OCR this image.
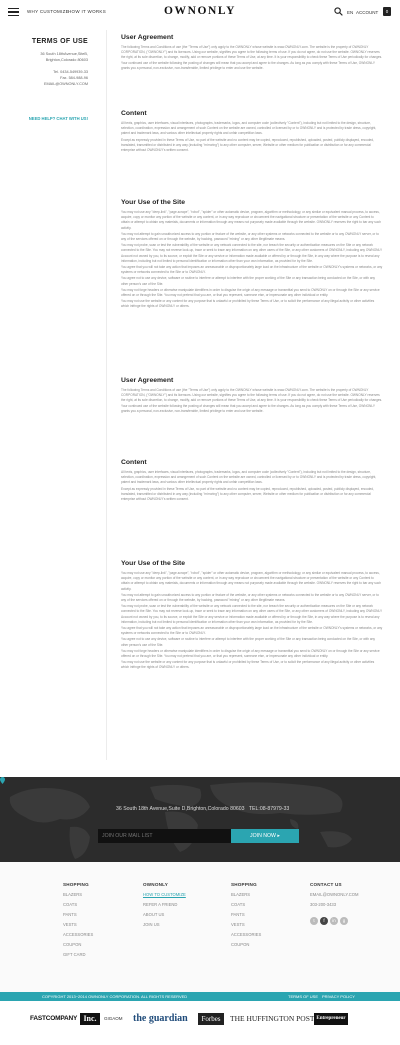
WHY CUSTOMIZE HOW IT WORKS	OWNONLY	EN ACCOUNT	0
TERMS OF USE

36 South 18thAvenue,SiteB,

Brighton,Colorado 80603

Tel. 0434-549939-33

Fax. 584-988-96

EMAIL@OWNONLY.COM

NEED HELP? CHAT WITH US!

User Agreement

The following Terms and Conditions of use (the "Terms of Use") only apply to the OWNONLY whose website is www.OWNONLY.com. The website is the property of OWNONLY CORPORATION, ("OWNONLY") and its licensors. Using our website, signifies you agree to the following terms of use. If you do not agree, do not use the website. OWNONLY reserves the right, at its sole discretion, to change, modify, add or remove portions of these Terms of Use, at any time. It is your responsibility to check these Terms of Use periodically for changes. Your continued use of the website following the posting of changes will mean that you accept and agree to the changes. As long as you comply with these Terms of Use, OWNONLY grants you a personal, non-exclusive, non-transferable, limited privilege to enter and use the website.

Content

All texts, graphics, user interfaces, visual interfaces, photographs, trademarks, logos, and computer code (collectively "Content"), including but not limited to the design, structure, selection, coordination, expression and arrangement of such Content on the website are owned, controlled or licensed by or to OWNONLY and is protected by trade dress, copyright, patent and trademark laws, and various other intellectual property rights and unfair competition laws.

Except as expressly provided in these Terms of Use, no part of the website and no content may be copied, reproduced, republished, uploaded, posted, publicly displayed, encoded, translated, transmitted or distributed in any way (including "mirroring") to any other computer, server, Website or other medium for publication or distribution or for any commercial enterprise without OWNONLY's written consent.

Your Use of the Site

You may not use any "deep-link", "page-scrape", "robot", "spider" or other automatic device, program, algorithm or methodology, or any similar or equivalent manual process, to access, acquire, copy or monitor any portion of the website or any content, or in any way reproduce or circumvent the navigational structure or presentation of the website or any Content to obtain or attempt to obtain any materials, documents or information through any means not purposely made available through the website. OWNONLY reserves the right to bar any such activity.

You may not attempt to gain unauthorized access to any portion or feature of the website, or any other systems or networks connected to the website or to any OWNONLY server, or to any of the services offered on or through the website, by hacking, password "mining" or any other illegitimate means.

You may not probe, scan or test the vulnerability of the website or any network connected to the site, nor breach the security or authentication measures on the Site or any network connected to the Site. You may not reverse look-up, trace or seek to trace any information on any other users of the Site, or any other customers of OWNONLY, including any OWNONLY Account not owned by you, to its source, or exploit the Site or any service or information made available or offered by or through the Site, in any way where the purpose is to reveal any information, including but not limited to personal identification or information other than your own information, as provided for by the Site.

You agree that you will not take any action that imposes an unreasonable or disproportionately large load on the infrastructure of the website or OWNONLY's systems or networks, or any systems or networks connected to the Site or to OWNONLY.

You agree not to use any device, software or routine to interfere or attempt to interfere with the proper working of the Site or any transaction being conducted on the Site, or with any other person's use of the Site.

You may not forge headers or otherwise manipulate identifiers in order to disguise the origin of any message or transmittal you send to OWNONLY on or through the Site or any service offered on or through the Site. You may not pretend that you are, or that you represent, someone else, or impersonate any other individual or entity.

You may not use the website or any content for any purpose that is unlawful or prohibited by these Terms of Use, or to solicit the performance of any illegal activity or other activities which infringe the rights of OWNONLY or others.

User Agreement

The following Terms and Conditions of use (the "Terms of Use") only apply to the OWNONLY whose website is www.OWNONLY.com. The website is the property of OWNONLY CORPORATION, ("OWNONLY") and its licensors. Using our website, signifies you agree to the following terms of use. If you do not agree, do not use the website. OWNONLY reserves the right, at its sole discretion, to change, modify, add or remove portions of these Terms of Use, at any time. It is your responsibility to check these Terms of Use periodically for changes. Your continued use of the website following the posting of changes will mean that you accept and agree to the changes. As long as you comply with these Terms of Use, OWNONLY grants you a personal, non-exclusive, non-transferable, limited privilege to enter and use the website.

Content

All texts, graphics, user interfaces, visual interfaces, photographs, trademarks, logos, and computer code (collectively "Content"), including but not limited to the design, structure, selection, coordination, expression and arrangement of such Content on the website are owned, controlled or licensed by or to OWNONLY and is protected by trade dress, copyright, patent and trademark laws, and various other intellectual property rights and unfair competition laws.

Except as expressly provided in these Terms of Use, no part of the website and no content may be copied, reproduced, republished, uploaded, posted, publicly displayed, encoded, translated, transmitted or distributed in any way (including "mirroring") to any other computer, server, Website or other medium for publication or distribution or for any commercial enterprise without OWNONLY's written consent.

Your Use of the Site

You may not use any "deep-link", "page-scrape", "robot", "spider" or other automatic device, program, algorithm or methodology, or any similar or equivalent manual process, to access, acquire, copy or monitor any portion of the website or any content, or in any way reproduce or circumvent the navigational structure or presentation of the website or any Content to obtain or attempt to obtain any materials, documents or information through any means not purposely made available through the website. OWNONLY reserves the right to bar any such activity.

You may not attempt to gain unauthorized access to any portion or feature of the website, or any other systems or networks connected to the website or to any OWNONLY server, or to any of the services offered on or through the website, by hacking, password "mining" or any other illegitimate means.

You may not probe, scan or test the vulnerability of the website or any network connected to the site, nor breach the security or authentication measures on the Site or any network connected to the Site. You may not reverse look-up, trace or seek to trace any information on any other users of the Site, or any other customers of OWNONLY, including any OWNONLY Account not owned by you, to its source, or exploit the Site or any service or information made available or offered by or through the Site, in any way where the purpose is to reveal any information, including but not limited to personal identification or information other than your own information, as provided for by the Site.

You agree that you will not take any action that imposes an unreasonable or disproportionately large load on the infrastructure of the website or OWNONLY's systems or networks, or any systems or networks connected to the Site or to OWNONLY.

You agree not to use any device, software or routine to interfere or attempt to interfere with the proper working of the Site or any transaction being conducted on the Site, or with any other person's use of the Site.

You may not forge headers or otherwise manipulate identifiers in order to disguise the origin of any message or transmittal you send to OWNONLY on or through the Site or any service offered on or through the Site. You may not pretend that you are, or that you represent, someone else, or impersonate any other individual or entity.

You may not use the website or any content for any purpose that is unlawful or prohibited by these Terms of Use, or to solicit the performance of any illegal activity or other activities which infringe the rights of OWNONLY or others.

36 South 18th Avenue,Suite D,Brighton,Colorado 80603 TEL:08-87979-33
JOIN OUR MAIL LIST
JOIN NOW ▸
SHOPPING
BLAZERS
COATS
PANTS
VESTS
ACCESSORIES
COUPON
GIFT CARD
OWNONLY
HOW TO CUSTOMIZE
REFER A FRIEND
ABOUT US
JOIN US
SHOPPING
BLAZERS
COATS
PANTS
VESTS
ACCESSORIES
COUPON
CONTACT US
EMAIL@OWNONLY.COM
303-200-3433
t f in g
COPYRIGHT 2013~2014 OWNONLY CORPORATION. ALL RIGHTS RESERVED	TERMS OF USE PRIVACY POLICY
FASTCOMPANY Inc.	GIGAOM the guardian	Forbes	THE HUFFINGTON POST Entrepreneur
